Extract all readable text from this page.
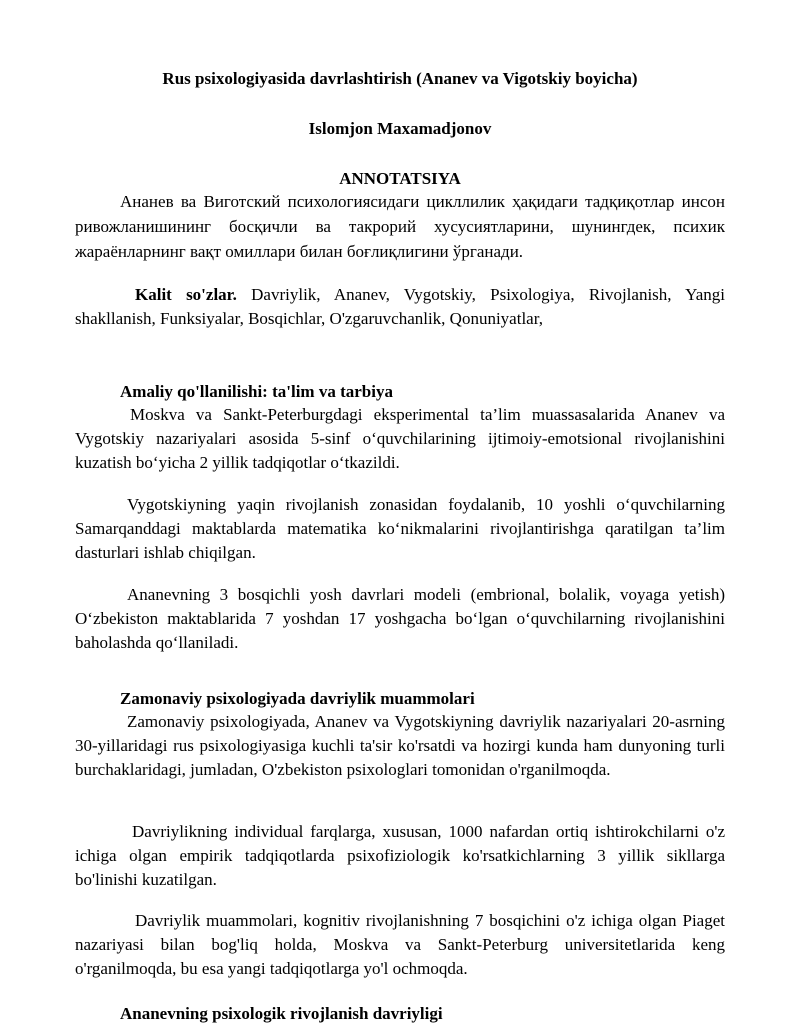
Rus psixologiyasida davrlashtirish (Ananev va Vigotskiy boyicha)
Islomjon Maxamadjonov
ANNOTATSIYA
Ананев ва Виготский психологиясидаги цикллилик ҳақидаги тадқиқотлар инсон ривожланишининг босқичли ва такрорий хусусиятларини, шунингдек, психик жараёнларнинг вақт омиллари билан боғлиқлигини ўрганади.
Kalit so'zlar. Davriylik, Ananev, Vygotskiy, Psixologiya, Rivojlanish, Yangi shakllanish, Funksiyalar, Bosqichlar, O'zgaruvchanlik, Qonuniyatlar,
Amaliy qo'llanilishi: ta'lim va tarbiya
Moskva va Sankt-Peterburgdagi eksperimental ta’lim muassasalarida Ananev va Vygotskiy nazariyalari asosida 5-sinf o‘quvchilarining ijtimoiy-emotsional rivojlanishini kuzatish bo‘yicha 2 yillik tadqiqotlar o‘tkazildi.
Vygotskiyning yaqin rivojlanish zonasidan foydalanib, 10 yoshli o‘quvchilarning Samarqanddagi maktablarda matematika ko‘nikmalarini rivojlantirishga qaratilgan ta’lim dasturlari ishlab chiqilgan.
Ananevning 3 bosqichli yosh davrlari modeli (embrional, bolalik, voyaga yetish) O‘zbekiston maktablarida 7 yoshdan 17 yoshgacha bo‘lgan o‘quvchilarning rivojlanishini baholashda qo‘llaniladi.
Zamonaviy psixologiyada davriylik muammolari
Zamonaviy psixologiyada, Ananev va Vygotskiyning davriylik nazariyalari 20-asrning 30-yillaridagi rus psixologiyasiga kuchli ta'sir ko'rsatdi va hozirgi kunda ham dunyoning turli burchaklaridagi, jumladan, O'zbekiston psixologlari tomonidan o'rganilmoqda.
Davriylikning individual farqlarga, xususan, 1000 nafardan ortiq ishtirokchilarni o'z ichiga olgan empirik tadqiqotlarda psixofiziologik ko'rsatkichlarning 3 yillik sikllarga bo'linishi kuzatilgan.
Davriylik muammolari, kognitiv rivojlanishning 7 bosqichini o'z ichiga olgan Piaget nazariyasi bilan bog'liq holda, Moskva va Sankt-Peterburg universitetlarida keng o'rganilmoqda, bu esa yangi tadqiqotlarga yo'l ochmoqda.
Ananevning psixologik rivojlanish davriyligi
